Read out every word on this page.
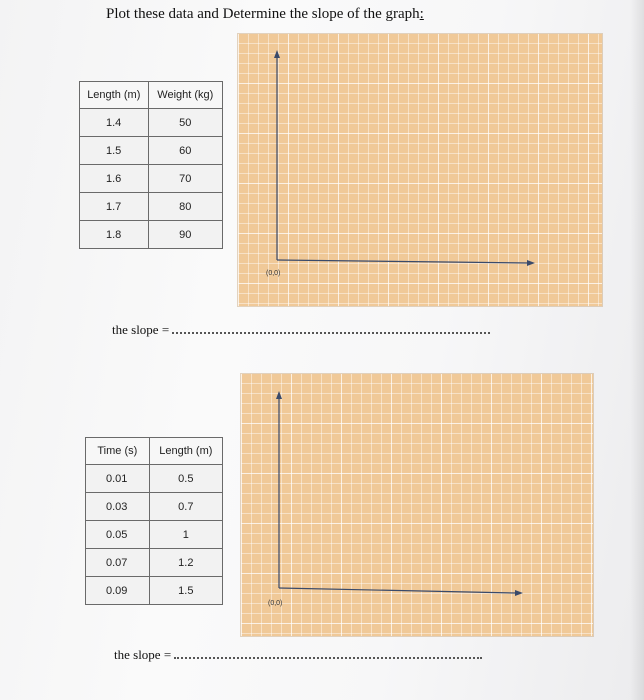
Plot these data and Determine the slope of the graph:
Length (m)	Weight (kg)
1.4	50
1.5	60
1.6	70
1.7	80
1.8	90
(0,0)
the slope =
Time (s)	Length (m)
0.01	0.5
0.03	0.7
0.05	1
0.07	1.2
0.09	1.5
(0,0)
the slope =
